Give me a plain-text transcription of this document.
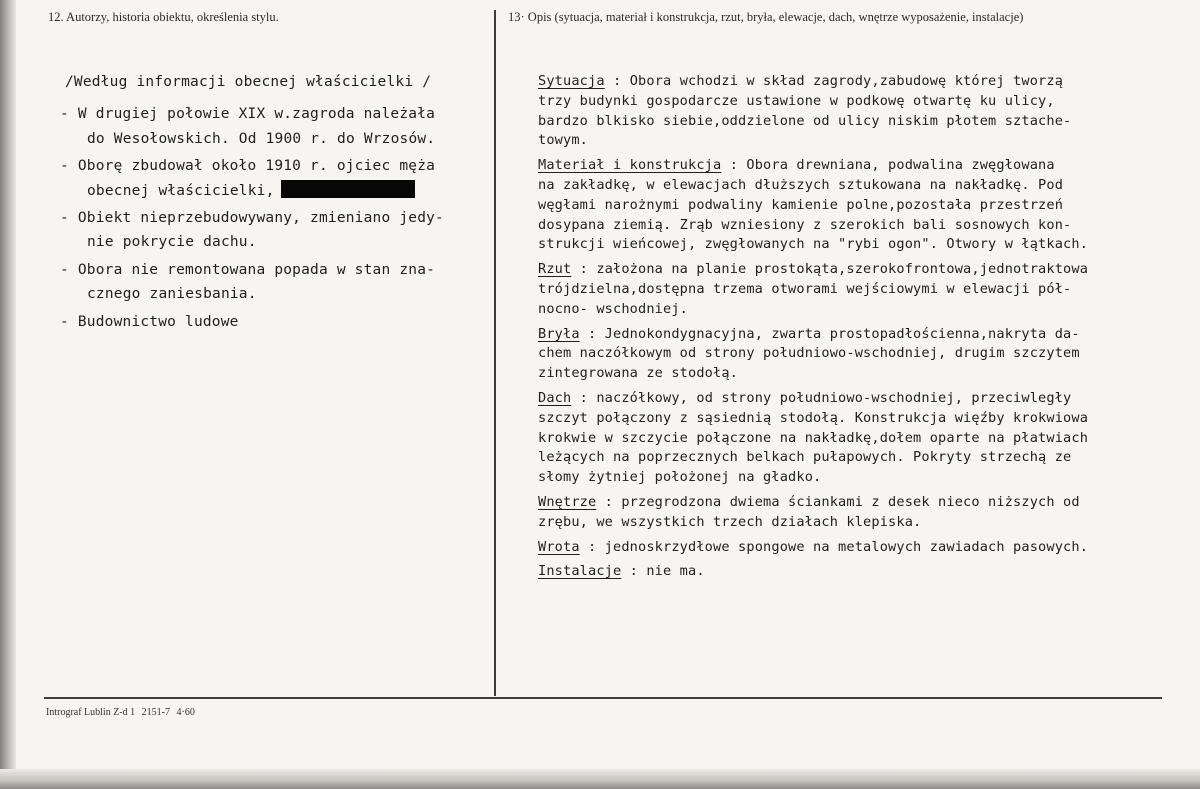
12. Autorzy, historia obiektu, określenia stylu.	13· Opis (sytuacja, materiał i konstrukcja, rzut, bryła, elewacje, dach, wnętrze wyposażenie, instalacje)
/Według informacji obecnej właścicielki /
- W drugiej połowie XIX w.zagroda należała
do Wesołowskich. Od 1900 r. do Wrzosów.
- Oborę zbudował około 1910 r. ojciec męża
obecnej właścicielki,
- Obiekt nieprzebudowywany, zmieniano jedy-
nie pokrycie dachu.
- Obora nie remontowana popada w stan zna-
cznego zaniesbania.
- Budownictwo ludowe
Sytuacja : Obora wchodzi w skład zagrody,zabudowę której tworzą
trzy budynki gospodarcze ustawione w podkowę otwartę ku ulicy,
bardzo blkisko siebie,oddzielone od ulicy niskim płotem sztache-
towym.
Materiał i konstrukcja : Obora drewniana, podwalina zwęgłowana
na zakładkę, w elewacjach dłuższych sztukowana na nakładkę. Pod
węgłami narożnymi podwaliny kamienie polne,pozostała przestrzeń
dosypana ziemią. Zrąb wzniesiony z szerokich bali sosnowych kon-
strukcji wieńcowej, zwęgłowanych na "rybi ogon". Otwory w łątkach.
Rzut : założona na planie prostokąta,szerokofrontowa,jednotraktowa
trójdzielna,dostępna trzema otworami wejściowymi w elewacji pół-
nocno- wschodniej.
Bryła : Jednokondygnacyjna, zwarta prostopadłościenna,nakryta da-
chem naczółkowym od strony południowo-wschodniej, drugim szczytem
zintegrowana ze stodołą.
Dach : naczółkowy, od strony południowo-wschodniej, przeciwległy
szczyt połączony z sąsiednią stodołą. Konstrukcja więźby krokwiowa
krokwie w szczycie połączone na nakładkę,dołem oparte na płatwiach
leżących na poprzecznych belkach pułapowych. Pokryty strzechą ze
słomy żytniej położonej na gładko.
Wnętrze : przegrodzona dwiema ściankami z desek nieco niższych od
zrębu, we wszystkich trzech działach klepiska.
Wrota : jednoskrzydłowe spongowe na metalowych zawiadach pasowych.
Instalacje : nie ma.
Intrograf Lublin Z-d 1 2151-7 4·60
